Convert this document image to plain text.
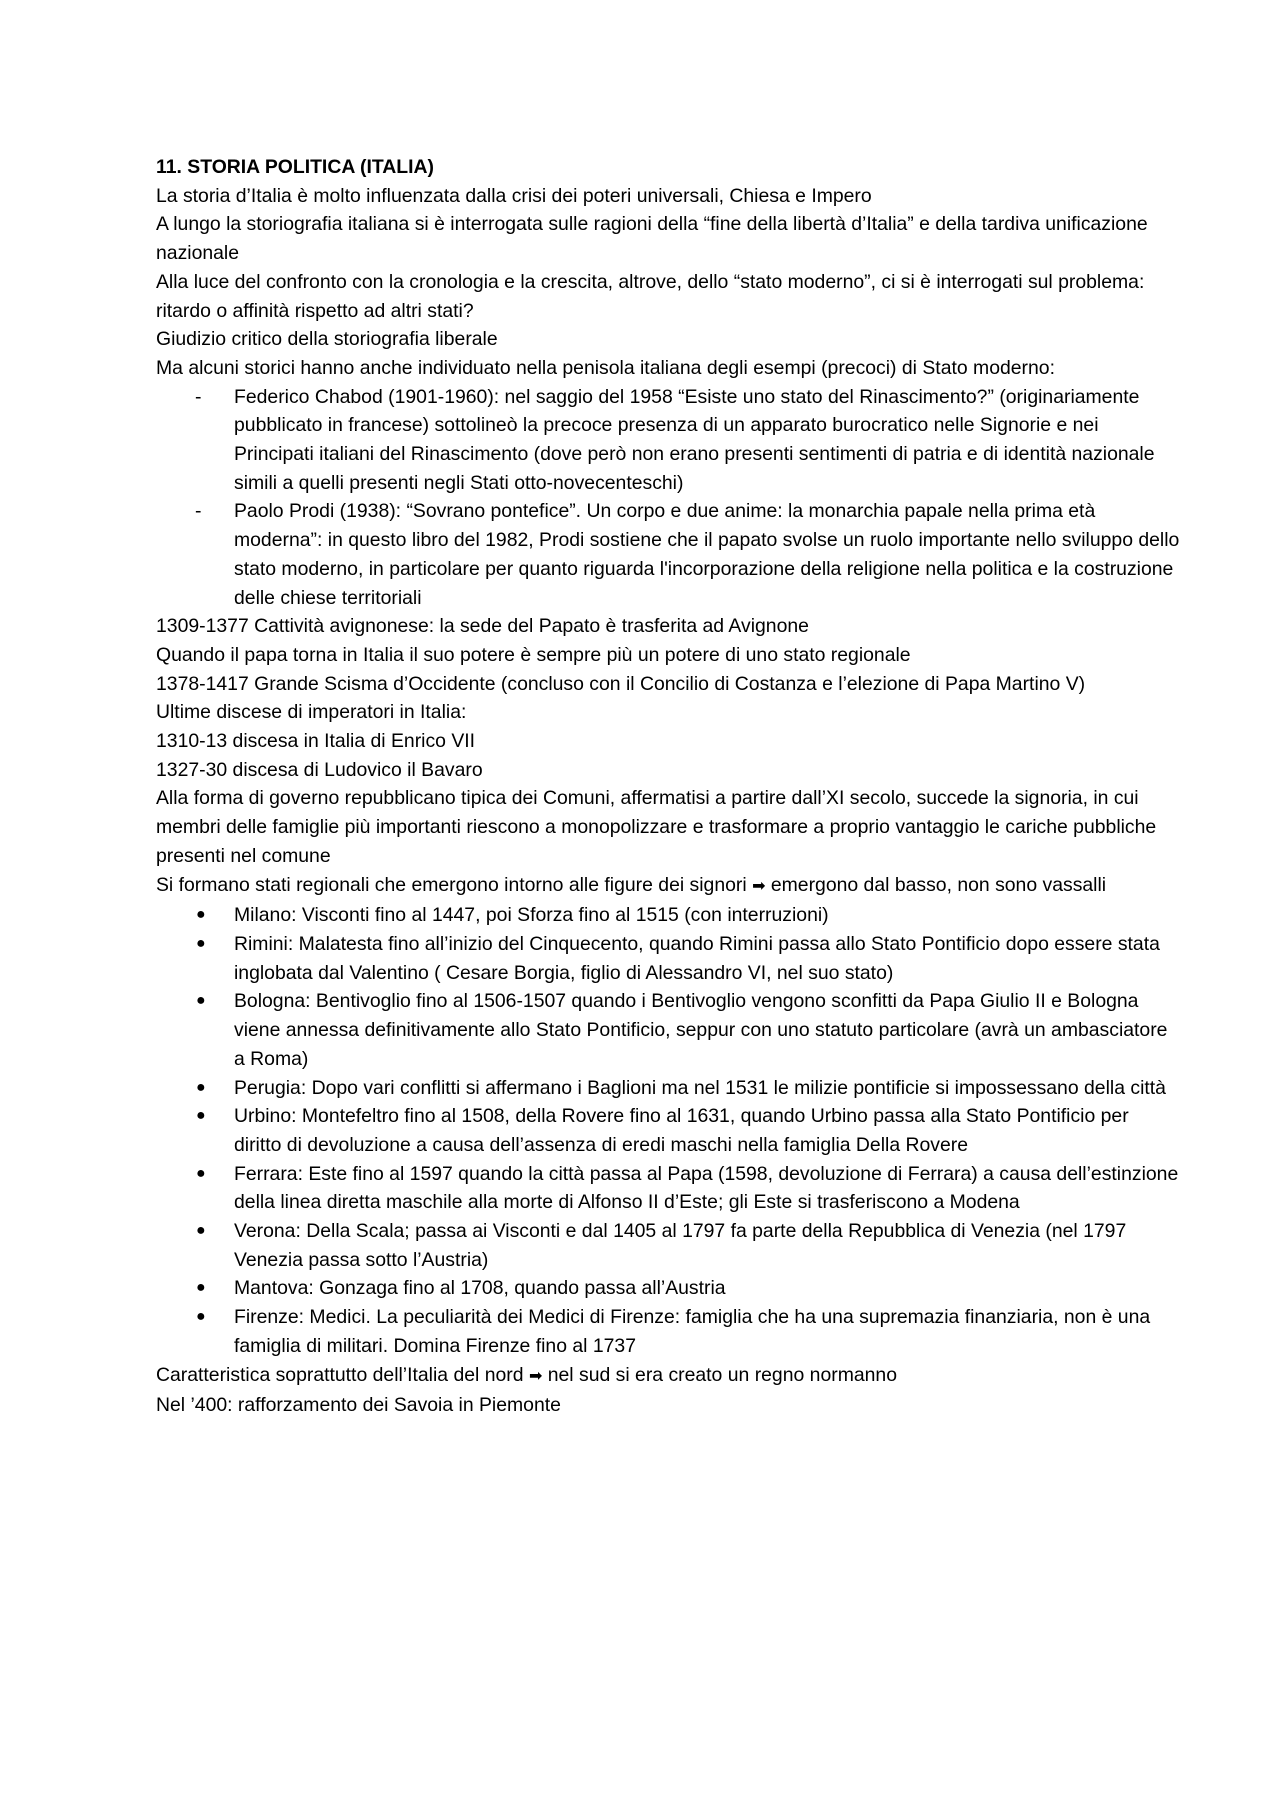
11. STORIA POLITICA (ITALIA)

La storia d’Italia è molto influenzata dalla crisi dei poteri universali, Chiesa e Impero

A lungo la storiografia italiana si è interrogata sulle ragioni della “fine della libertà d’Italia” e della tardiva unificazione nazionale

Alla luce del confronto con la cronologia e la crescita, altrove, dello “stato moderno”, ci si è interrogati sul problema: ritardo o affinità rispetto ad altri stati?

Giudizio critico della storiografia liberale

Ma alcuni storici hanno anche individuato nella penisola italiana degli esempi (precoci) di Stato moderno:

-	Federico Chabod (1901-1960): nel saggio del 1958 “Esiste uno stato del Rinascimento?” (originariamente pubblicato in francese) sottolineò la precoce presenza di un apparato burocratico nelle Signorie e nei Principati italiani del Rinascimento (dove però non erano presenti sentimenti di patria e di identità nazionale simili a quelli presenti negli Stati otto-novecenteschi)
-	Paolo Prodi (1938): “Sovrano pontefice”. Un corpo e due anime: la monarchia papale nella prima età moderna”: in questo libro del 1982, Prodi sostiene che il papato svolse un ruolo importante nello sviluppo dello stato moderno, in particolare per quanto riguarda l'incorporazione della religione nella politica e la costruzione delle chiese territoriali

1309-1377 Cattività avignonese: la sede del Papato è trasferita ad Avignone

Quando il papa torna in Italia il suo potere è sempre più un potere di uno stato regionale

1378-1417 Grande Scisma d’Occidente (concluso con il Concilio di Costanza e l’elezione di Papa Martino V)

Ultime discese di imperatori in Italia:

1310-13 discesa in Italia di Enrico VII

1327-30 discesa di Ludovico il Bavaro

Alla forma di governo repubblicano tipica dei Comuni, affermatisi a partire dall’XI secolo, succede la signoria, in cui membri delle famiglie più importanti riescono a monopolizzare e trasformare a proprio vantaggio le cariche pubbliche presenti nel comune

Si formano stati regionali che emergono intorno alle figure dei signori ➡ emergono dal basso, non sono vassalli

●	Milano: Visconti fino al 1447, poi Sforza fino al 1515 (con interruzioni)
●	Rimini: Malatesta fino all’inizio del Cinquecento, quando Rimini passa allo Stato Pontificio dopo essere stata inglobata dal Valentino ( Cesare Borgia, figlio di Alessandro VI, nel suo stato)
●	Bologna: Bentivoglio fino al 1506-1507 quando i Bentivoglio vengono sconfitti da Papa Giulio II e Bologna viene annessa definitivamente allo Stato Pontificio, seppur con uno statuto particolare (avrà un ambasciatore a Roma)
●	Perugia: Dopo vari conflitti si affermano i Baglioni ma nel 1531 le milizie pontificie si impossessano della città
●	Urbino: Montefeltro fino al 1508, della Rovere fino al 1631, quando Urbino passa alla Stato Pontificio per diritto di devoluzione a causa dell’assenza di eredi maschi nella famiglia Della Rovere
●	Ferrara: Este fino al 1597 quando la città passa al Papa (1598, devoluzione di Ferrara) a causa dell’estinzione della linea diretta maschile alla morte di Alfonso II d’Este; gli Este si trasferiscono a Modena
●	Verona: Della Scala; passa ai Visconti e dal 1405 al 1797 fa parte della Repubblica di Venezia (nel 1797 Venezia passa sotto l’Austria)
●	Mantova: Gonzaga fino al 1708, quando passa all’Austria
●	Firenze: Medici. La peculiarità dei Medici di Firenze: famiglia che ha una supremazia finanziaria, non è una famiglia di militari. Domina Firenze fino al 1737

Caratteristica soprattutto dell’Italia del nord ➡ nel sud si era creato un regno normanno

Nel ’400: rafforzamento dei Savoia in Piemonte
